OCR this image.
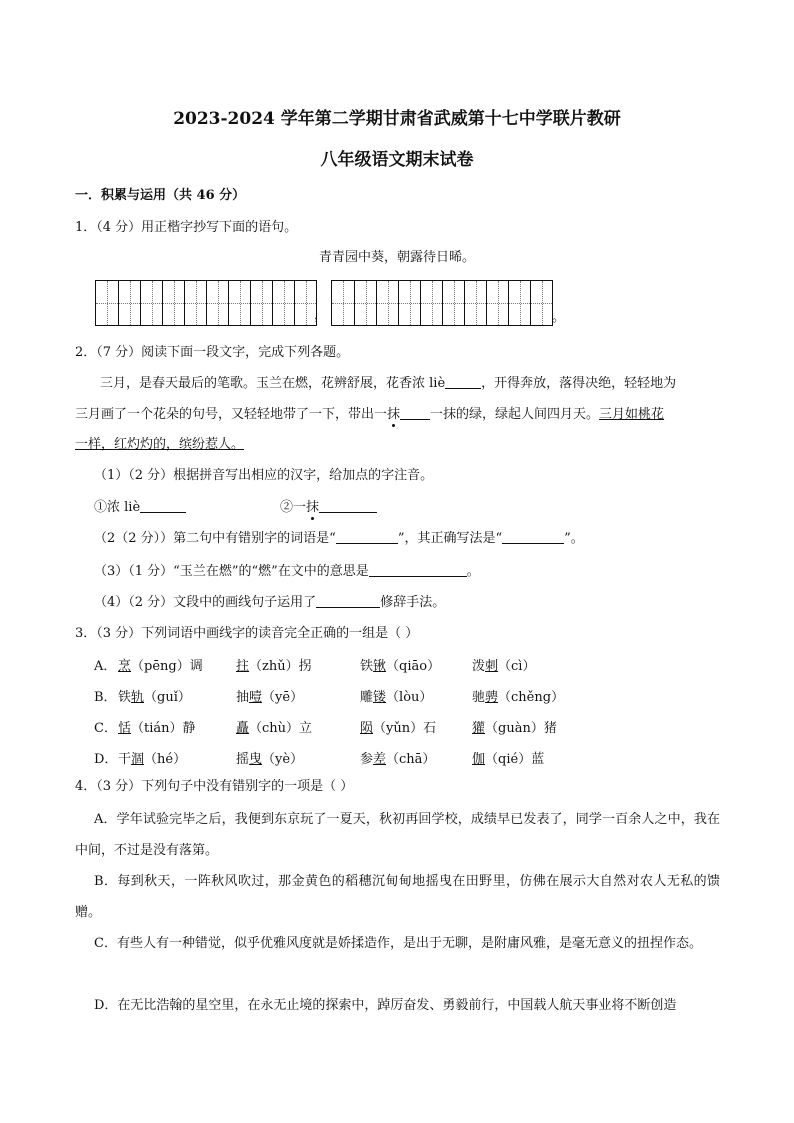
2023-2024 学年第二学期甘肃省武威第十七中学联片教研
八年级语文期末试卷
一．积累与运用（共 46 分）
1．（4 分）用正楷字抄写下面的语句。
青青园中葵，朝露待日晞。
，	。
2．（7 分）阅读下面一段文字，完成下列各题。
三月，是春天最后的笔歌。玉兰在燃，花辨舒展，花香浓 liè	，开得奔放，落得决绝，轻轻地为
三月画了一个花朵的句号，又轻轻地带了一下，带出一抹 一抹的绿，绿起人间四月天。三月如桃花
一样，红灼灼的，缤纷惹人。
（1）（2 分）根据拼音写出相应的汉字，给加点的字注音。
①浓 liè	②一抹
（2（2 分））第二句中有错别字的词语是“	”，其正确写法是“	”。
（3）（1 分）“玉兰在燃”的“燃”在文中的意思是	。
（4）（2 分）文段中的画线句子运用了	修辞手法。
3．（3 分）下列词语中画线字的读音完全正确的一组是（ ）
A． 烹（pēng）调	拄（zhǔ）拐	铁锹（qiāo） 泼刺（cì）
B． 铁轨（guǐ）	抽噎（yē）	雕镂（lòu）	驰骋（chěng）
C． 恬（tián）静	矗（chù）立	陨（yǔn）石	獾（guàn）猪
D． 干涸（hé）	摇曳（yè）	参差（chā）	伽（qié）蓝
4．（3 分）下列句子中没有错别字的一项是（ ）
A．学年试验完毕之后，我便到东京玩了一夏天，秋初再回学校，成绩早已发表了，同学一百余人之中，我在中间，不过是没有落第。
B．每到秋天，一阵秋风吹过，那金黄色的稻穗沉甸甸地摇曳在田野里，仿佛在展示大自然对农人无私的馈赠。
C．有些人有一种错觉，似乎优雅风度就是娇揉造作，是出于无聊，是附庸风雅，是毫无意义的扭捏作态。
D．在无比浩翰的星空里，在永无止境的探索中，踔厉奋发、勇毅前行，中国载人航天事业将不断创造
